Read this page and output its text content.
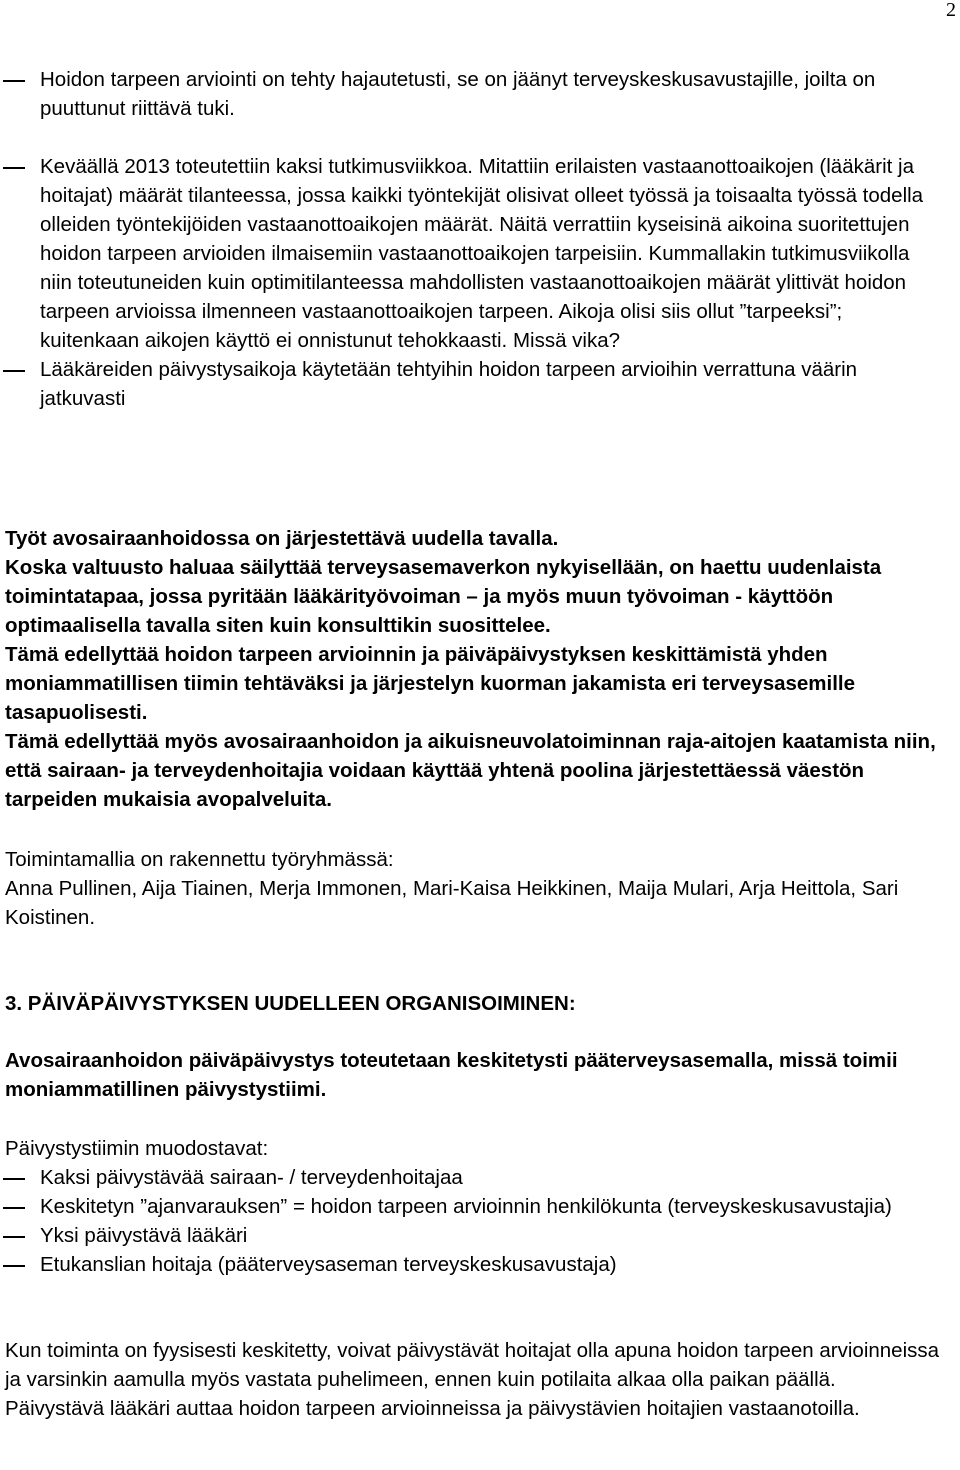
2
Hoidon tarpeen arviointi on tehty hajautetusti, se on jäänyt terveyskeskusavustajille, joilta on puuttunut riittävä tuki.
Keväällä 2013 toteutettiin kaksi tutkimusviikkoa. Mitattiin erilaisten vastaanottoaikojen (lääkärit ja hoitajat) määrät tilanteessa, jossa kaikki työntekijät olisivat olleet työssä ja toisaalta työssä todella olleiden työntekijöiden vastaanottoaikojen määrät. Näitä verrattiin kyseisinä aikoina suoritettujen hoidon tarpeen arvioiden ilmaisemiin vastaanottoaikojen tarpeisiin. Kummallakin tutkimusviikolla niin toteutuneiden kuin optimitilanteessa mahdollisten vastaanottoaikojen määrät ylittivät hoidon tarpeen arvioissa ilmenneen vastaanottoaikojen tarpeen. Aikoja olisi siis ollut ”tarpeeksi”; kuitenkaan aikojen käyttö ei onnistunut tehokkaasti. Missä vika?
Lääkäreiden päivystysaikoja käytetään tehtyihin hoidon tarpeen arvioihin verrattuna väärin jatkuvasti
Työt avosairaanhoidossa on järjestettävä uudella tavalla.
Koska valtuusto haluaa säilyttää terveysasemaverkon nykyisellään, on haettu uudenlaista toimintatapaa, jossa pyritään lääkärityövoiman – ja myös muun työvoiman - käyttöön optimaalisella tavalla siten kuin konsulttikin suosittelee.
Tämä edellyttää hoidon tarpeen arvioinnin ja päiväpäivystyksen keskittämistä yhden moniammatillisen tiimin tehtäväksi ja järjestelyn kuorman jakamista eri terveysasemille tasapuolisesti.
Tämä edellyttää myös avosairaanhoidon ja aikuisneuvolatoiminnan raja-aitojen kaatamista niin, että sairaan- ja terveydenhoitajia voidaan käyttää yhtenä poolina järjestettäessä väestön tarpeiden mukaisia avopalveluita.
Toimintamallia on rakennettu työryhmässä:
Anna Pullinen, Aija Tiainen, Merja Immonen, Mari-Kaisa Heikkinen, Maija Mulari, Arja Heittola, Sari Koistinen.
3. PÄIVÄPÄIVYSTYKSEN UUDELLEEN ORGANISOIMINEN:
Avosairaanhoidon päiväpäivystys toteutetaan keskitetysti pääterveysasemalla, missä toimii moniammatillinen päivystystiimi.
Päivystystiimin muodostavat:
Kaksi päivystävää sairaan- / terveydenhoitajaa
Keskitetyn ”ajanvarauksen” = hoidon tarpeen arvioinnin henkilökunta (terveyskeskusavustajia)
Yksi päivystävä lääkäri
Etukanslian hoitaja (pääterveysaseman terveyskeskusavustaja)
Kun toiminta on fyysisesti keskitetty, voivat päivystävät hoitajat olla apuna hoidon tarpeen arvioinneissa ja varsinkin aamulla myös vastata puhelimeen, ennen kuin potilaita alkaa olla paikan päällä.
Päivystävä lääkäri auttaa hoidon tarpeen arvioinneissa ja päivystävien hoitajien vastaanotoilla.
